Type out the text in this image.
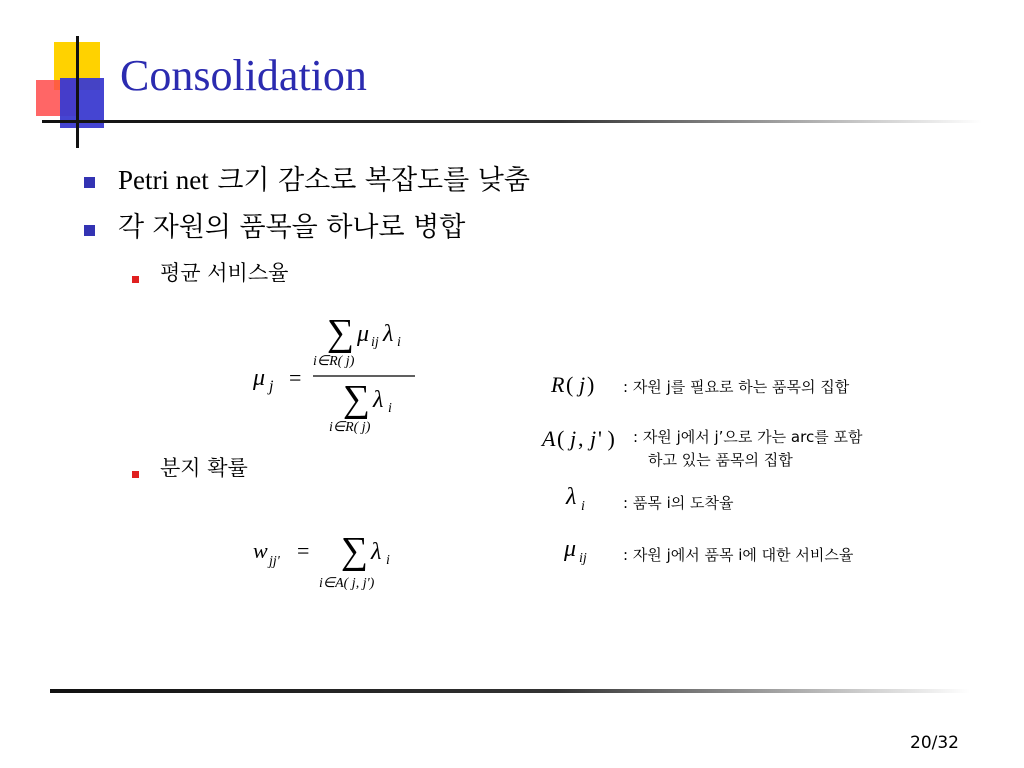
Consolidation
Petri net 크기 감소로 복잡도를 낮춤
각 자원의 품목을 하나로 병합
평균 서비스율
분지 확률
μ j =
∑ μ ij λ i
i∈R( j)
∑ λ i
i∈R( j)
w jj' = ∑ λ i
i∈A( j, j')
R ( j ) : 자원 j를 필요로 하는 품목의 집합
A ( j , j ' ) : 자원 j에서 j’으로 가는 arc를 포함
하고 있는 품목의 집합
λ i	: 품목 i의 도착율
μ ij : 자원 j에서 품목 i에 대한 서비스율
20/32
